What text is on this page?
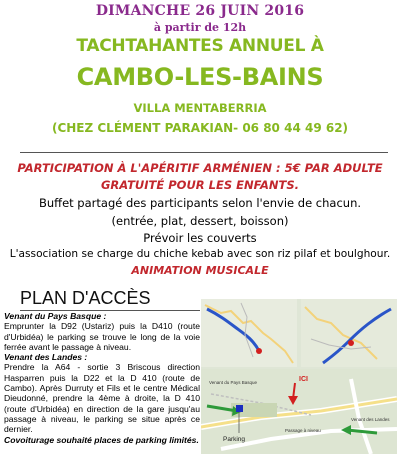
DIMANCHE 26 JUIN 2016
à partir de 12h
TACHTAHANTES ANNUEL À
CAMBO-LES-BAINS
VILLA MENTABERRIA
(CHEZ CLÉMENT PARAKIAN- 06 80 44 49 62)
PARTICIPATION À L'APÉRITIF ARMÉNIEN : 5€ PAR ADULTE
GRATUITÉ POUR LES ENFANTS.
Buffet partagé des participants selon l'envie de chacun.
(entrée, plat, dessert, boisson)
Prévoir les couverts
L'association se charge du chiche kebab avec son riz pilaf et boulghour.
ANIMATION MUSICALE
PLAN D'ACCÈS
Venant du Pays Basque :
Emprunter la D92 (Ustariz) puis la D410 (route d'Urbidéa) le parking se trouve le long de la voie ferrée avant le passage à niveau.
Venant des Landes :
Prendre la A64 - sortie 3 Briscous direction Hasparren puis la D22 et la D 410 (route de Cambo). Après Durruty et Fils et le centre Médical Dieudonné, prendre la 4ème à droite, la D 410 (route d'Urbidéa) en direction de la gare jusqu'au passage à niveau, le parking se situe après ce dernier.
Covoiturage souhaité places de parking limités.
ICI
Parking
Venant du Pays Basque
Venant des Landes
Passage à niveau
